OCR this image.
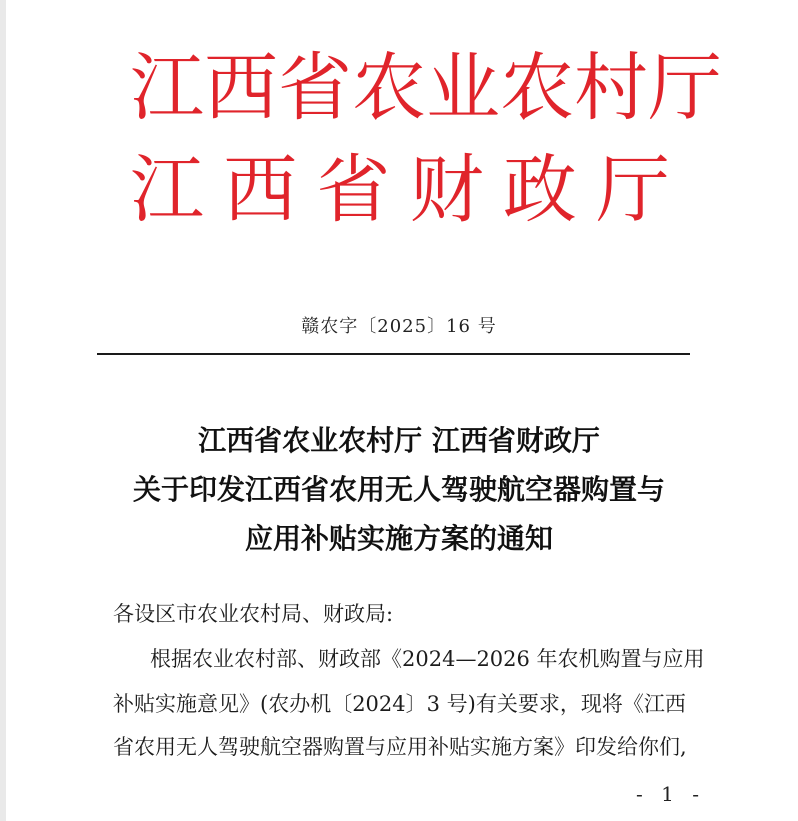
江 西 省 农 业 农 村 厅
江 西 省 财 政 厅
赣农字〔2025〕16 号
江西省农业农村厅 江西省财政厅
关于印发江西省农用无人驾驶航空器购置与
应用补贴实施方案的通知
各设区市农业农村局、财政局:
根据农业农村部、财政部《2024—2026 年农机购置与应用
补贴实施意见》(农办机〔2024〕3 号)有关要求，现将《江西
省农用无人驾驶航空器购置与应用补贴实施方案》印发给你们,
- 1 -
